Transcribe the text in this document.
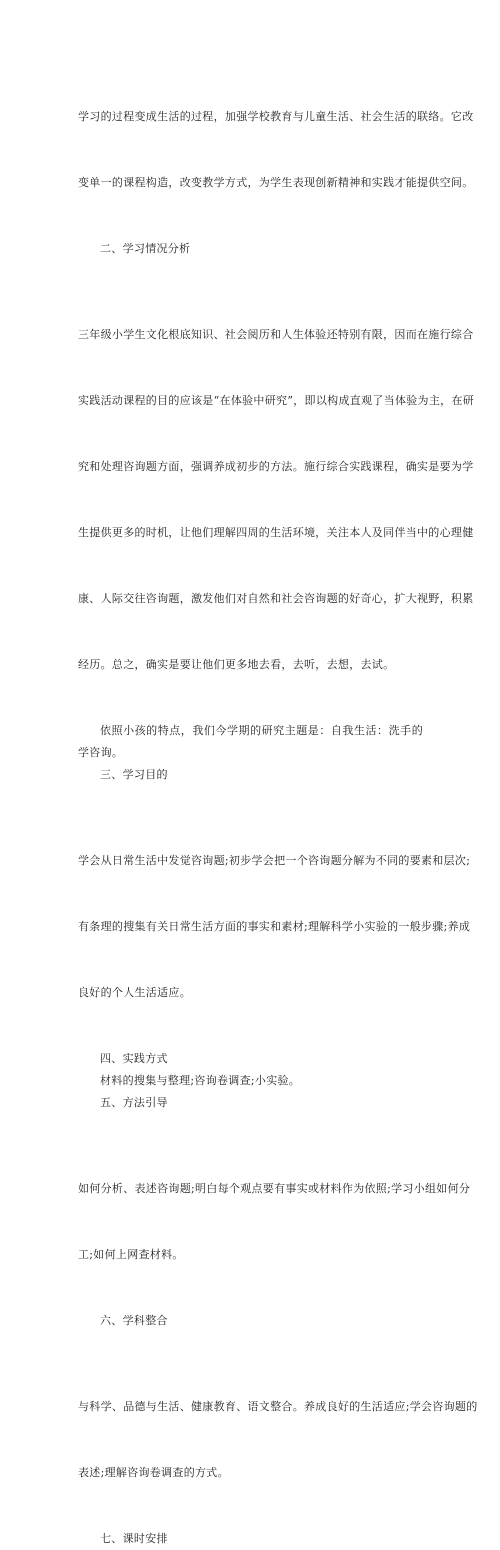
学习的过程变成生活的过程，加强学校教育与儿童生活、社会生活的联络。它改

变单一的课程构造，改变教学方式，为学生表现创新精神和实践才能提供空间。

二、学习情况分析

三年级小学生文化根底知识、社会阅历和人生体验还特别有限，因而在施行综合

实践活动课程的目的应该是“在体验中研究”，即以构成直观了当体验为主，在研

究和处理咨询题方面，强调养成初步的方法。施行综合实践课程，确实是要为学

生提供更多的时机，让他们理解四周的生活环境，关注本人及同伴当中的心理健

康、人际交往咨询题，激发他们对自然和社会咨询题的好奇心，扩大视野，积累

经历。总之，确实是要让他们更多地去看，去听，去想，去试。

依照小孩的特点，我们今学期的研究主题是：自我生活：洗手的学咨询。

三、学习目的

学会从日常生活中发觉咨询题;初步学会把一个咨询题分解为不同的要素和层次;

有条理的搜集有关日常生活方面的事实和素材;理解科学小实验的一般步骤;养成

良好的个人生活适应。

四、实践方式

材料的搜集与整理;咨询卷调查;小实验。

五、方法引导

如何分析、表述咨询题;明白每个观点要有事实或材料作为依照;学习小组如何分

工;如何上网查材料。

六、学科整合

与科学、品德与生活、健康教育、语文整合。养成良好的生活适应;学会咨询题的

表述;理解咨询卷调查的方式。

七、课时安排
